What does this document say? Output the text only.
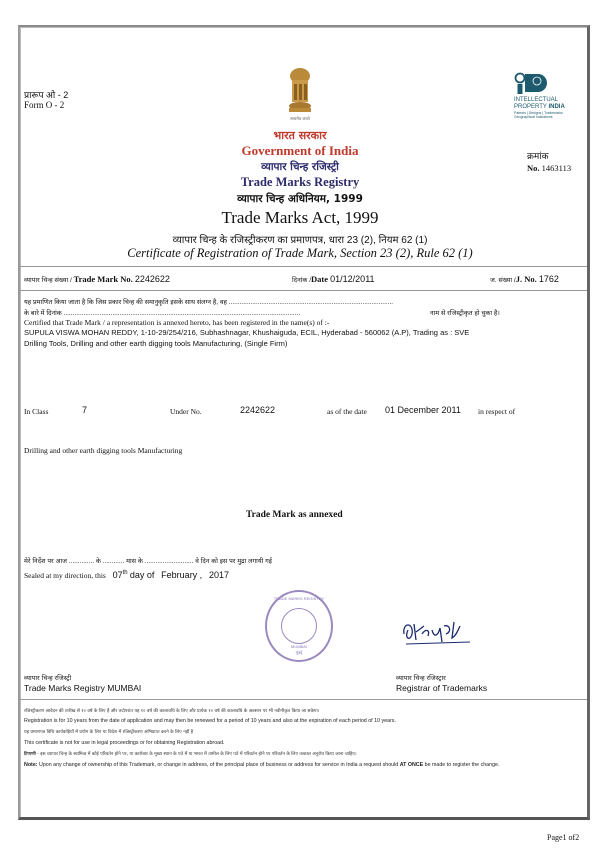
प्रारूप ओ - 2
Form O - 2
सत्यमेव जयते
भारत सरकार
Government of India
व्यापार चिन्ह रजिस्ट्री
Trade Marks Registry
व्यापार चिन्ह अधिनियम, 1999
Trade Marks Act, 1999
व्यापार चिन्ह के रजिस्ट्रीकरण का प्रमाणपत्र, धारा 23 (2), नियम 62 (1)
Certificate of Registration of Trade Mark, Section 23 (2), Rule 62 (1)
INTELLECTUAL
PROPERTY INDIA
Patents | Designs | Trademarks
Geographical Indications
क्रमांक
No. 1463113
व्यापार चिन्ह संख्या / Trade Mark No. 2242622	दिनांक /Date 01/12/2011	ज. संख्या /J. No. 1762
यह प्रमाणित किया जाता है कि जिस प्रकार चिन्ह की समानुकृति इसके साथ संलग्न है, वह ...........................................................................................
के बारे में दिनांक ...................................................................................................................................	नाम से रजिस्ट्रीकृत हो चुका है।
Certified that Trade Mark / a representation is annexed hereto, has been registered in the name(s) of :-
SUPULA VISWA MOHAN REDDY, 1-10-29/254/216, Subhashnagar, Khushaiguda, ECIL, Hyderabad - 560062 (A.P), Trading as : SVE
Drilling Tools, Drilling and other earth digging tools Manufacturing, (Single Firm)
In Class	7	Under No.	2242622	as of the date 01 December 2011 in respect of
Drilling and other earth digging tools Manufacturing
Trade Mark as annexed
मेरे निर्देश पर आज .............. के ............ मास के ........................... वे दिन को इस पर मुद्रा लगायी गई
Sealed at my direction, this 07th day of February , 2017
TRADE MARKS REGISTRY
MUMBAI
मुंबई
व्यापार चिन्ह रजिस्ट्री
Trade Marks Registry MUMBAI
व्यापार चिन्ह रजिस्ट्रार
Registrar of Trademarks
रजिस्ट्रीकरण आवेदन की तारीख से १० वर्ष के लिए है और तदोपरांत यह १० वर्ष की कालावधि के लिए और प्रत्येक १० वर्ष की कालावधि के अवसान पर भी नवीनीकृत किया जा सकेगा।
Registration is for 10 years from the date of application and may then be renewed for a period of 10 years and also at the expiration of each period of 10 years.
यह प्रमाणपत्र विधि कार्यवाहियों में प्रयोग के लिए या विदेश में रजिस्ट्रीकरण अभिप्राप्त करने के लिए नहीं है
This certificate is not for use in legal proceedings or for obtaining Registration abroad.
टिप्पणी - इस व्यापार चिन्ह के स्वामित्व में कोई परिवर्तन होने पर, या कारोबार के मुख्य स्थान के पते में या भारत में तामील के लिए पते में परिवर्तन होने पर परिवर्तन के लिए तत्काल अनुरोध किया जाना चाहिए।
Note: Upon any change of ownership of this Trademark, or change in address, of the principal place of business or address for service in India a request should AT ONCE be made to register the change.
Page1 of2
